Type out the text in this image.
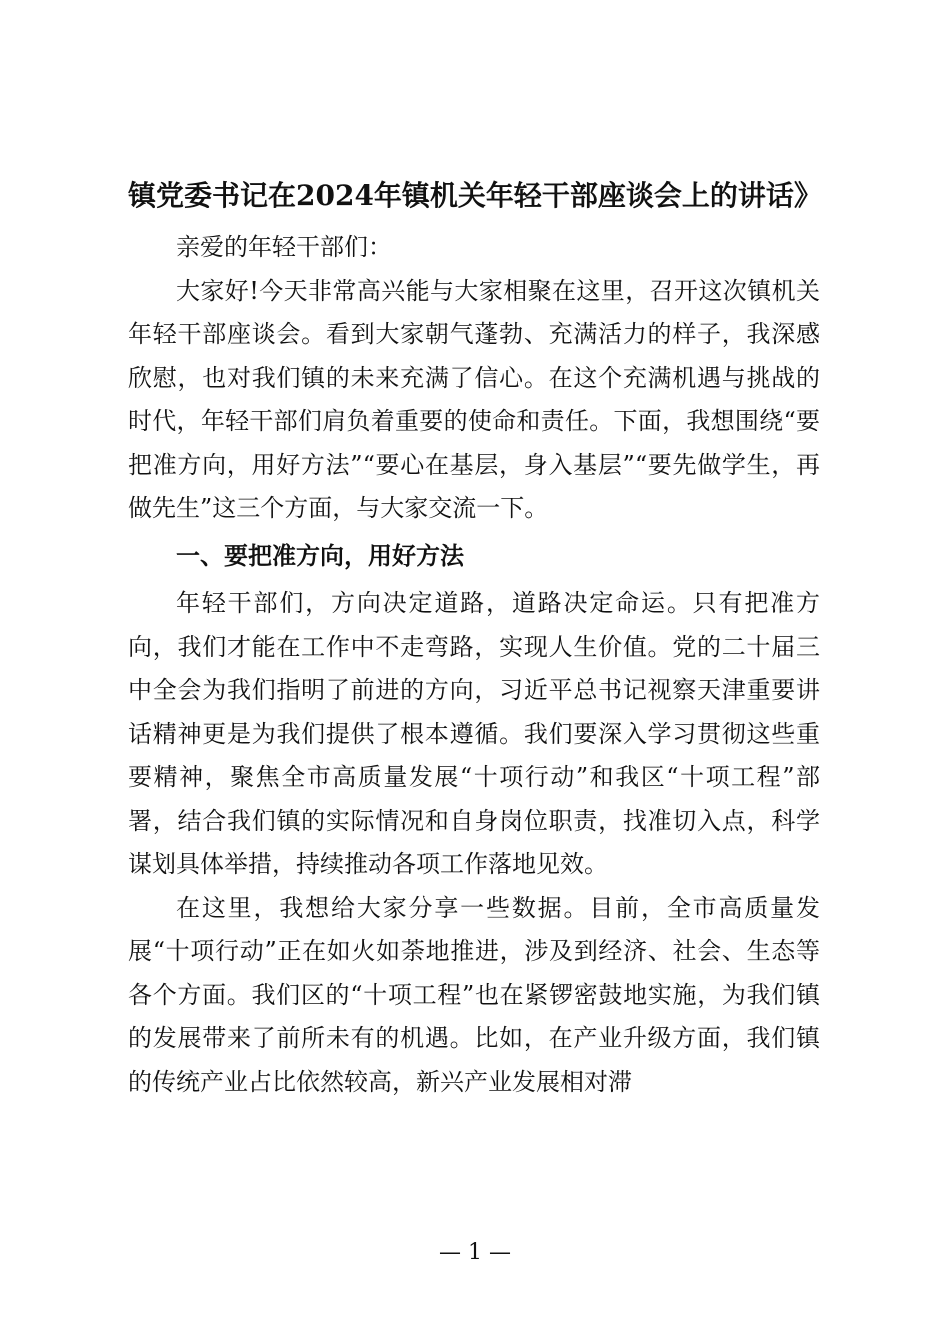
镇党委书记在2024年镇机关年轻干部座谈会上的讲话》

亲爱的年轻干部们：

大家好!今天非常高兴能与大家相聚在这里，召开这次镇机关年轻干部座谈会。看到大家朝气蓬勃、充满活力的样子，我深感欣慰，也对我们镇的未来充满了信心。在这个充满机遇与挑战的时代，年轻干部们肩负着重要的使命和责任。下面，我想围绕“要把准方向，用好方法”“要心在基层，身入基层”“要先做学生，再做先生”这三个方面，与大家交流一下。

一、要把准方向，用好方法

年轻干部们，方向决定道路，道路决定命运。只有把准方向，我们才能在工作中不走弯路，实现人生价值。党的二十届三中全会为我们指明了前进的方向，习近平总书记视察天津重要讲话精神更是为我们提供了根本遵循。我们要深入学习贯彻这些重要精神，聚焦全市高质量发展“十项行动”和我区“十项工程”部署，结合我们镇的实际情况和自身岗位职责，找准切入点，科学谋划具体举措，持续推动各项工作落地见效。

在这里，我想给大家分享一些数据。目前，全市高质量发展“十项行动”正在如火如荼地推进，涉及到经济、社会、生态等各个方面。我们区的“十项工程”也在紧锣密鼓地实施，为我们镇的发展带来了前所未有的机遇。比如，在产业升级方面，我们镇的传统产业占比依然较高，新兴产业发展相对滞

— 1 —
